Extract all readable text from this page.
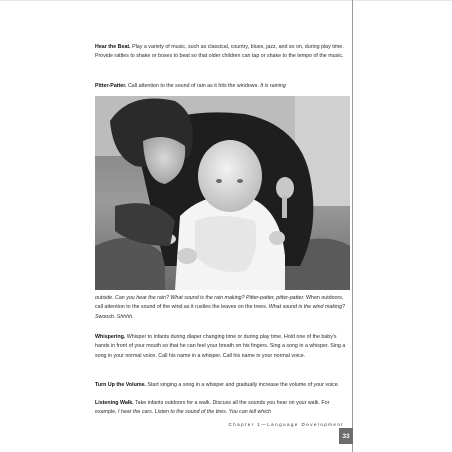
Hear the Beat. Play a variety of music, such as classical, country, blues, jazz, and so on, during play time. Provide rattles to shake or boxes to beat so that older children can tap or shake to the tempo of the music.

Pitter-Patter. Call attention to the sound of rain as it hits the windows. It is raining

outside. Can you hear the rain? What sound is the rain making? Pitter-patter, pitter-patter. When outdoors, call attention to the sound of the wind as it rustles the leaves on the trees. What sound is the wind making? Swoosh. Shhhh.

Whispering. Whisper to infants during diaper changing time or during play time. Hold one of the baby's hands in front of your mouth so that he can feel your breath on his fingers. Sing a song in a whisper. Sing a song in your normal voice. Call his name in a whisper. Call his name in your normal voice.

Turn Up the Volume. Start singing a song in a whisper and gradually increase the volume of your voice.

Listening Walk. Take infants outdoors for a walk. Discuss all the sounds you hear on your walk. For example, I hear the cars. Listen to the sound of the tires. You can tell which

Chapter 1—Language Development
33
